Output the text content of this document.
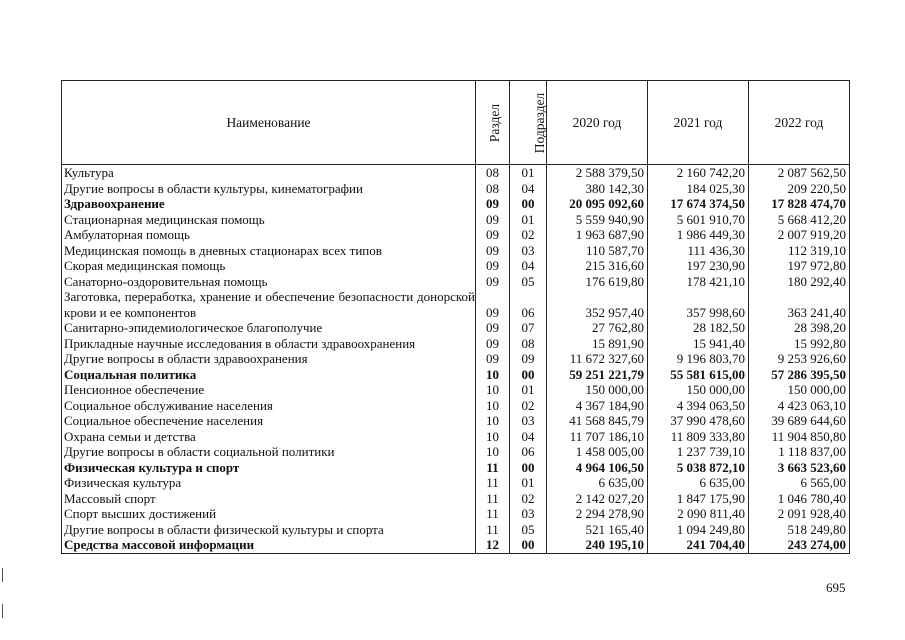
Наименование	Раздел	Подраздел	2020 год	2021 год	2022 год
Культура	08	01	2 588 379,50	2 160 742,20	2 087 562,50
Другие вопросы в области культуры, кинематографии	08	04	380 142,30	184 025,30	209 220,50
Здравоохранение	09	00	20 095 092,60	17 674 374,50	17 828 474,70
Стационарная медицинская помощь	09	01	5 559 940,90	5 601 910,70	5 668 412,20
Амбулаторная помощь	09	02	1 963 687,90	1 986 449,30	2 007 919,20
Медицинская помощь в дневных стационарах всех типов	09	03	110 587,70	111 436,30	112 319,10
Скорая медицинская помощь	09	04	215 316,60	197 230,90	197 972,80
Санаторно-оздоровительная помощь	09	05	176 619,80	178 421,10	180 292,40
Заготовка, переработка, хранение и обеспечение безопасности донорской крови и ее компонентов	09	06	352 957,40	357 998,60	363 241,40
Санитарно-эпидемиологическое благополучие	09	07	27 762,80	28 182,50	28 398,20
Прикладные научные исследования в области здравоохранения	09	08	15 891,90	15 941,40	15 992,80
Другие вопросы в области здравоохранения	09	09	11 672 327,60	9 196 803,70	9 253 926,60
Социальная политика	10	00	59 251 221,79	55 581 615,00	57 286 395,50
Пенсионное обеспечение	10	01	150 000,00	150 000,00	150 000,00
Социальное обслуживание населения	10	02	4 367 184,90	4 394 063,50	4 423 063,10
Социальное обеспечение населения	10	03	41 568 845,79	37 990 478,60	39 689 644,60
Охрана семьи и детства	10	04	11 707 186,10	11 809 333,80	11 904 850,80
Другие вопросы в области социальной политики	10	06	1 458 005,00	1 237 739,10	1 118 837,00
Физическая культура и спорт	11	00	4 964 106,50	5 038 872,10	3 663 523,60
Физическая культура	11	01	6 635,00	6 635,00	6 565,00
Массовый спорт	11	02	2 142 027,20	1 847 175,90	1 046 780,40
Спорт высших достижений	11	03	2 294 278,90	2 090 811,40	2 091 928,40
Другие вопросы в области физической культуры и спорта	11	05	521 165,40	1 094 249,80	518 249,80
Средства массовой информации	12	00	240 195,10	241 704,40	243 274,00
695
